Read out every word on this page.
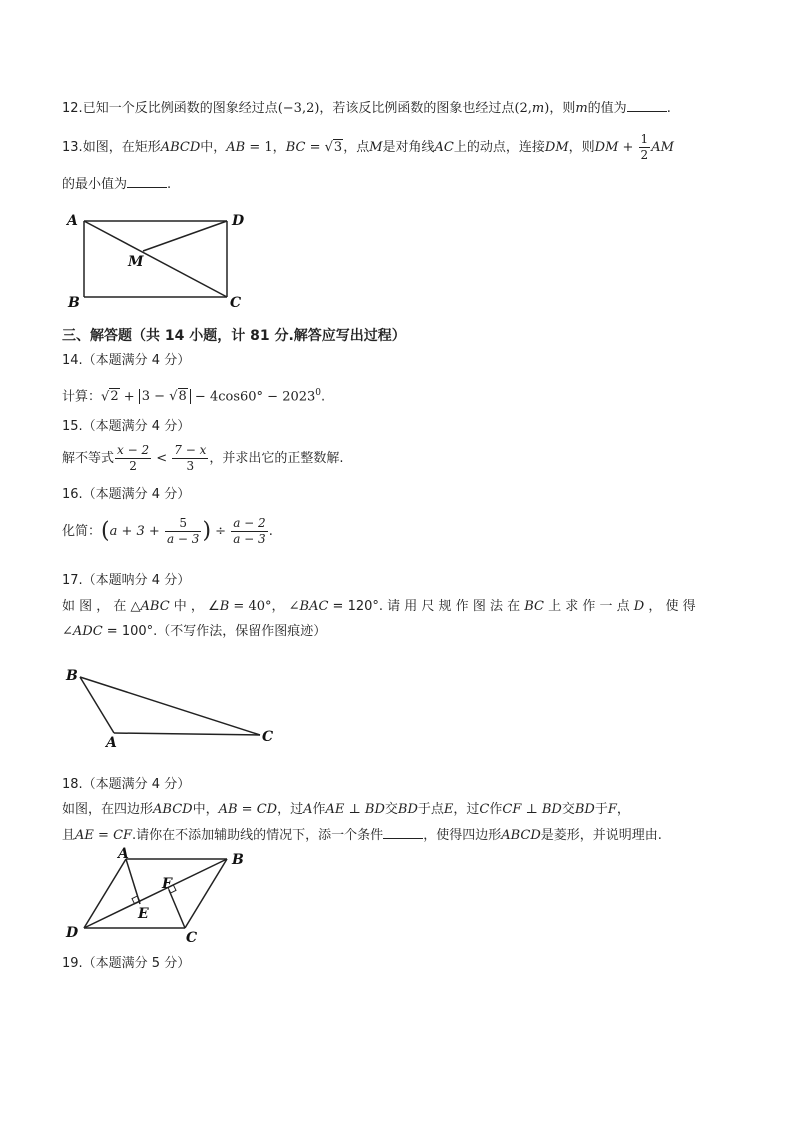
12.已知一个反比例函数的图象经过点(−3,2)，若该反比例函数的图象也经过点(2,m)，则m的值为	.
13.如图，在矩形ABCD中，AB = 1，BC = √3，点M是对角线AC上的动点，连接DM，则DM + $\frac{1}{2}$ AM
的最小值为	.
A	D
M
B	C
三、解答题（共 14 小题，计 81 分.解答应写出过程）
14.（本题满分 4 分）
计算：$√2 + 3 - √8 - 4\cos 60^\circ - 2023^0$.
15.（本题满分 4 分）
解不等式 $\frac{x - 2}{2} < \frac{7 - x}{3}$ ，并求出它的正整数解.
16.（本题满分 4 分）
化简：($a + 3 + \frac{5}{a - 3}$ ) ÷ $\frac{a - 2}{a - 3}$ .
17.（本题呐分 4 分）
如 图 ， 在 △ABC 中 ， ∠B = 40°， ∠BAC = 120°. 请 用 尺 规 作 图 法 在 BC 上 求 作 一 点 D ， 使 得
∠ADC = 100°.（不写作法，保留作图痕迹）
B
A	C
18.（本题满分 4 分）
如图，在四边形ABCD中，AB = CD，过A作AE ⊥ BD交BD于点E，过C作CF ⊥ BD交BD于F，
且AE = CF.请你在不添加辅助线的情况下，添一个条件	，使得四边形ABCD是菱形，并说明理由.
A	B
F
E
D	C
19.（本题满分 5 分）
